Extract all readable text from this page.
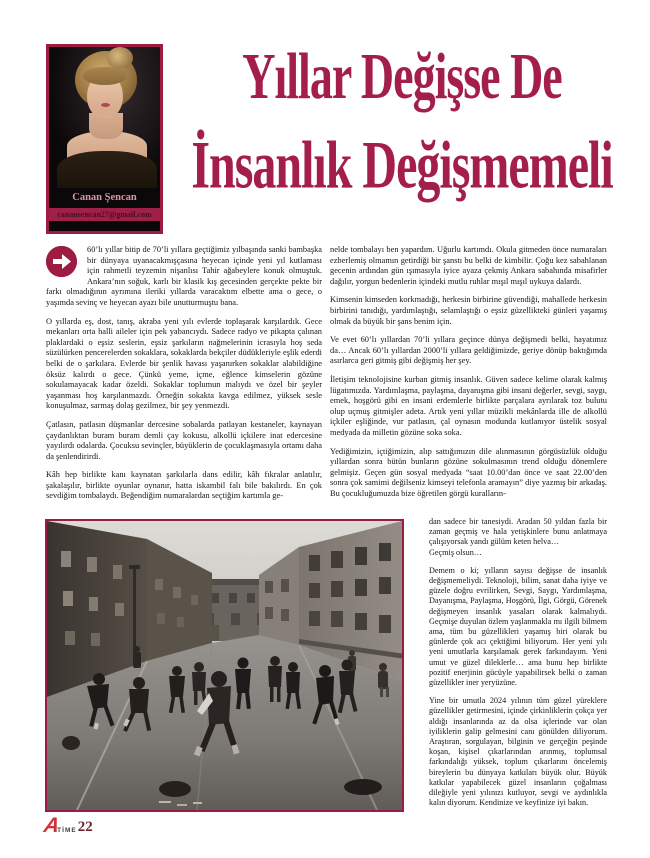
Canan Şencan
canansencan27@gmail.com
Yıllar Değişse De
İnsanlık Değişmemeli

60’lı yıllar bitip de 70’li yıllara geçtiğimiz yılbaşında sanki bambaşka bir dünyaya uyanacakmışçasına heyecan içinde yeni yıl kutlaması için rahmetli teyzemin nişanlısı Tahir ağabeylere konuk olmuştuk. Ankara’nın soğuk, karlı bir klasik kış gecesinden gerçekte pekte bir farkı olmadığının ayrımına ileriki yıllarda varacaktım elbette ama o gece, o yaşımda sevinç ve heyecan ayazı bile unutturmuştu bana.

O yıllarda eş, dost, tanış, akraba yeni yılı evlerde toplaşarak karşılardık. Gece mekanları orta halli aileler için pek yabancıydı. Sadece radyo ve pikapta çalınan plaklardaki o eşsiz seslerin, eşsiz şarkıların nağmelerinin icrasıyla hoş seda süzülürken pencerelerden sokaklara, sokaklarda bekçiler düdükleriyle eşlik ederdi belki de o şarkılara. Evlerde bir şenlik havası yaşanırken sokaklar alabildiğine öksüz kalırdı o gece. Çünkü yeme, içme, eğlence kimselerin gözüne sokulamayacak kadar özeldi. Sokaklar toplumun malıydı ve özel bir şeyler yaşanması hoş karşılanmazdı. Örneğin sokakta kavga edilmez, yüksek sesle konuşulmaz, sarmaş dolaş gezilmez, bir şey yenmezdi.

Çatlasın, patlasın düşmanlar dercesine sobalarda patlayan kestaneler, kaynayan çaydanlıktan buram buram demli çay kokusu, alkollü içkilere inat edercesine yayılırdı odalarda. Çocuksu sevinçler, büyüklerin de çocuklaşmasıyla ortamı daha da şenlendirirdi.

Kâh hep birlikte kanı kaynatan şarkılarla dans edilir, kâh fıkralar anlatılır, şakalaşılır, birlikte oyunlar oynanır, hatta iskambil falı bile bakılırdı. En çok sevdiğim tombalaydı. Beğendiğim numaralardan seçtiğim kartımla ge-

nelde tombalayı ben yapardım. Uğurlu kartımdı. Okula gitmeden önce numaraları ezberlemiş olmamın getirdiği bir şanstı bu belki de kimbilir. Çoğu kez sabahlanan gecenin ardından gün ışımasıyla iyice ayaza çekmiş Ankara sabahında misafirler dağılır, yorgun bedenlerin içindeki mutlu ruhlar mışıl mışıl uykuya dalardı.

Kimsenin kimseden korkmadığı, herkesin birbirine güvendiği, mahallede herkesin birbirini tanıdığı, yardımlaştığı, selamlaştığı o eşsiz güzellikteki günleri yaşamış olmak da büyük bir şans benim için.

Ve evet 60’lı yıllardan 70’li yıllara geçince dünya değişmedi belki, hayatımız da… Ancak 60’lı yıllardan 2000’li yıllara geldiğimizde, geriye dönüp baktığımda asırlarca geri gitmiş gibi değişmiş her şey.

İletişim teknolojisine kurban gitmiş insanlık. Güven sadece kelime olarak kalmış lügatımızda. Yardımlaşma, paylaşma, dayanışma gibi insani değerler, sevgi, saygı, emek, hoşgörü gibi en insani erdemlerle birlikte parçalara ayrılarak toz bulutu olup uçmuş gitmişler adeta. Artık yeni yıllar müzikli mekânlarda ille de alkollü içkiler eşliğinde, vur patlasın, çal oynasın modunda kutlanıyor üstelik sosyal medyada da milletin gözüne soka soka.

Yediğimizin, içtiğimizin, alıp sattığımızın dile alınmasının görgüsüzlük olduğu yıllardan sonra bütün bunların gözüne sokulmasının trend olduğu dönemlere gelmişiz. Geçen gün sosyal medyada “saat 10.00’dan önce ve saat 22.00’den sonra çok samimi değilseniz kimseyi telefonla aramayın” diye yazmış bir arkadaş. Bu çocukluğumuzda bize öğretilen görgü kuralların-

dan sadece bir tanesiydi. Aradan 50 yıldan fazla bir zaman geçmiş ve hala yetişkinlere bunu anlatmaya çalışıyorsak yandı gülüm keten helva…

Geçmiş olsun…

Demem o ki; yılların sayısı değişse de insanlık değişmemeliydi. Teknoloji, bilim, sanat daha iyiye ve güzele doğru evrilirken, Sevgi, Saygı, Yardımlaşma, Dayanışma, Paylaşma, Hoşgörü, İlgi, Görgü, Görenek değişmeyen insanlık yasaları olarak kalmalıydı. Geçmişe duyulan özlem yaşlanmakla mı ilgili bilmem ama, tüm bu güzellikleri yaşamış biri olarak bu günlerde çok acı çektiğimi biliyorum. Her yeni yılı yeni umutlarla karşılamak gerek farkındayım. Yeni umut ve güzel dileklerle… ama bunu hep birlikte pozitif enerjinin gücüyle yapabilirsek belki o zaman güzellikler iner yeryüzüne.

Yine bir umutla 2024 yılının tüm güzel yüreklere güzellikler getirmesini, içinde çirkinliklerin çokça yer aldığı insanlarında az da olsa içlerinde var olan iyiliklerin galip gelmesini canı gönülden diliyorum. Araştıran, sorgulayan, bilginin ve gerçeğin peşinde koşan, kişisel çıkarlarından arınmış, toplumsal farkındalığı yüksek, toplum çıkarlarını öncelemiş bireylerin bu dünyaya katkıları büyük olur. Büyük katkılar yapabilecek güzel insanların çoğalması dileğiyle yeni yılınızı kutluyor, sevgi ve aydınlıkla kalın diyorum. Kendinize ve keyfinize iyi bakın.

A
TİME 22
